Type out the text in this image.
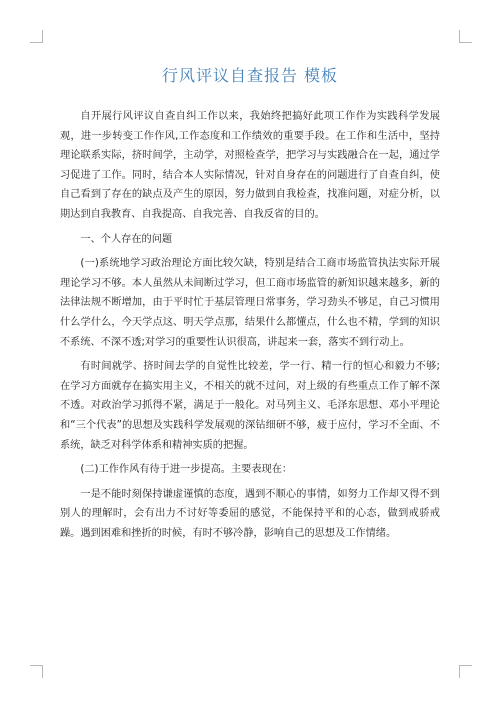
行风评议自查报告 模板

自开展行风评议自查自纠工作以来，我始终把搞好此项工作作为实践科学发展观，进一步转变工作作风,工作态度和工作绩效的重要手段。在工作和生活中，坚持理论联系实际，挤时间学，主动学，对照检查学，把学习与实践融合在一起，通过学习促进了工作。同时，结合本人实际情况，针对自身存在的问题进行了自查自纠，使自己看到了存在的缺点及产生的原因，努力做到自我检查，找准问题，对症分析，以期达到自我教育、自我提高、自我完善、自我反省的目的。

一、个人存在的问题

(一)系统地学习政治理论方面比较欠缺，特别是结合工商市场监管执法实际开展理论学习不够。本人虽然从未间断过学习，但工商市场监管的新知识越来越多，新的法律法规不断增加，由于平时忙于基层管理日常事务，学习劲头不够足，自己习惯用什么学什么，今天学点这、明天学点那，结果什么都懂点，什么也不精，学到的知识不系统、不深不透;对学习的重要性认识很高，讲起来一套，落实不到行动上。

有时间就学、挤时间去学的自觉性比较差，学一行、精一行的恒心和毅力不够;在学习方面就存在搞实用主义，不相关的就不过问，对上级的有些重点工作了解不深不透。对政治学习抓得不紧，满足于一般化。对马列主义、毛泽东思想、邓小平理论和“三个代表”的思想及实践科学发展观的深钻细研不够，疲于应付，学习不全面、不系统，缺乏对科学体系和精神实质的把握。

(二)工作作风有待于进一步提高。主要表现在：

一是不能时刻保持谦虚谨慎的态度，遇到不顺心的事情，如努力工作却又得不到别人的理解时，会有出力不讨好等委屈的感觉，不能保持平和的心态，做到戒骄戒躁。遇到困难和挫折的时候，有时不够冷静，影响自己的思想及工作情绪。
